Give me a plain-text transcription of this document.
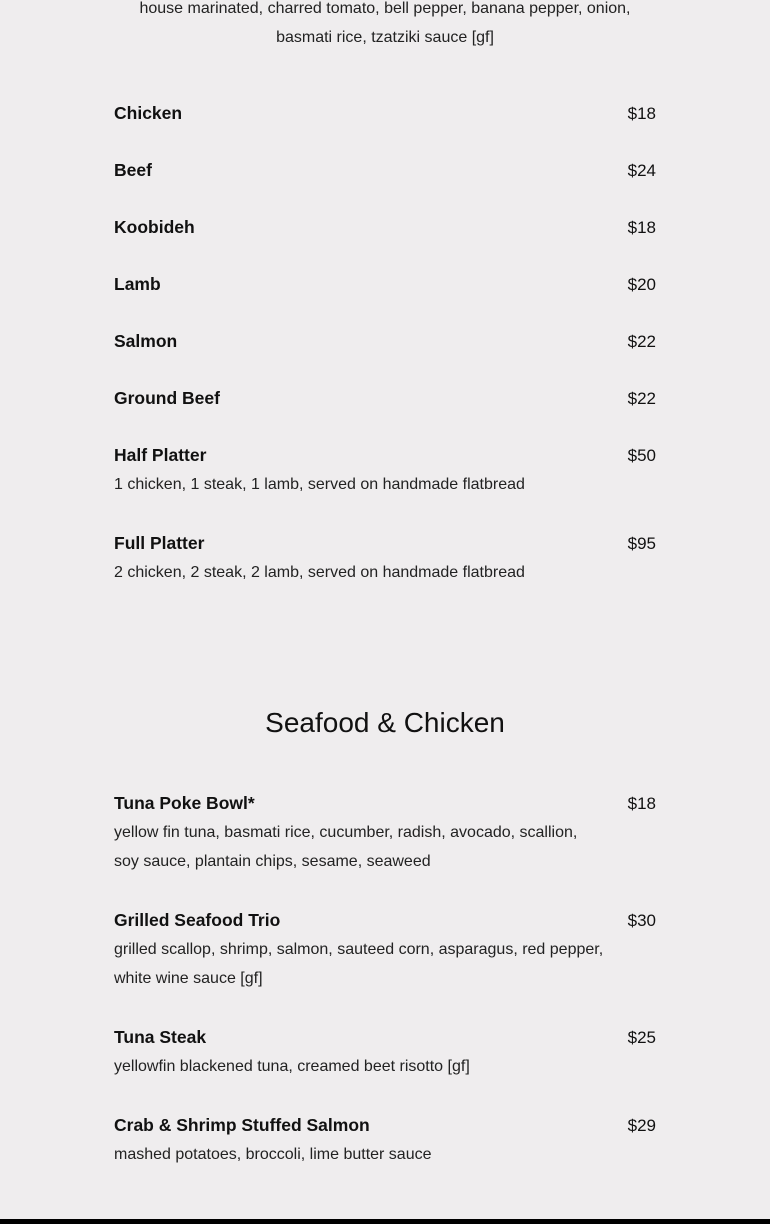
house marinated, charred tomato, bell pepper, banana pepper, onion, basmati rice, tzatziki sauce [gf]
Chicken	$18
Beef	$24
Koobideh	$18
Lamb	$20
Salmon	$22
Ground Beef	$22
Half Platter	$50
1 chicken, 1 steak, 1 lamb, served on handmade flatbread
Full Platter	$95
2 chicken, 2 steak, 2 lamb, served on handmade flatbread
Seafood & Chicken
Tuna Poke Bowl*	$18
yellow fin tuna, basmati rice, cucumber, radish, avocado, scallion, soy sauce, plantain chips, sesame, seaweed
Grilled Seafood Trio	$30
grilled scallop, shrimp, salmon, sauteed corn, asparagus, red pepper, white wine sauce [gf]
Tuna Steak	$25
yellowfin blackened tuna, creamed beet risotto [gf]
Crab & Shrimp Stuffed Salmon	$29
mashed potatoes, broccoli, lime butter sauce
